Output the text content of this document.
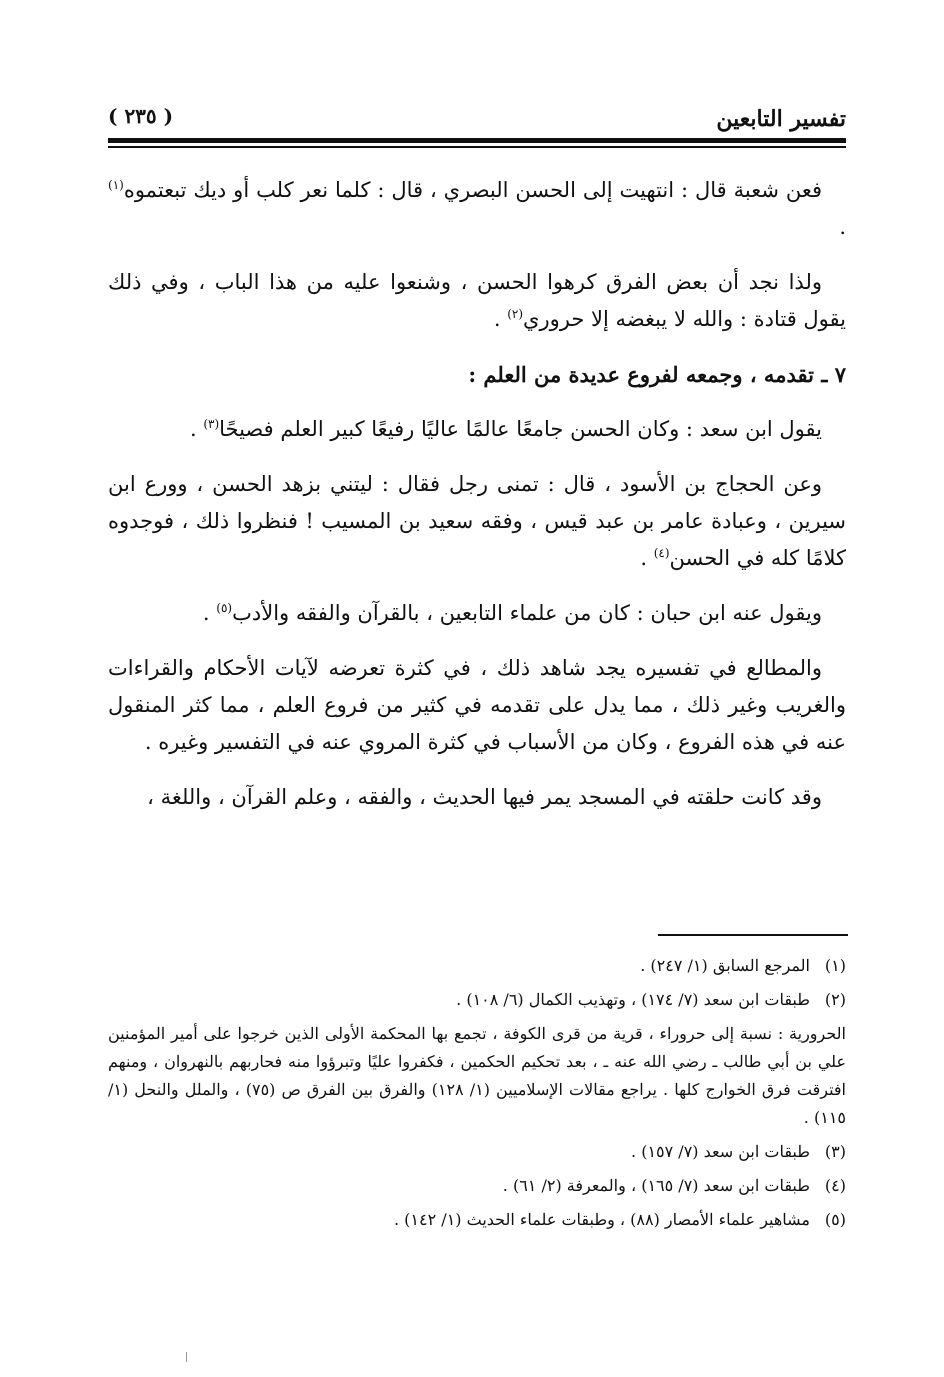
تفسير التابعين
( ٢٣٥ )

فعن شعبة قال : انتهيت إلى الحسن البصري ، قال : كلما نعر كلب أو ديك تبعتموه$^{(١)}$ .

ولذا نجد أن بعض الفرق كرهوا الحسن ، وشنعوا عليه من هذا الباب ، وفي ذلك يقول قتادة : والله لا يبغضه إلا حروري$^{(٢)}$ .

٧ ـ تقدمه ، وجمعه لفروع عديدة من العلم :

يقول ابن سعد : وكان الحسن جامعًا عالمًا عاليًا رفيعًا كبير العلم فصيحًا$^{(٣)}$ .

وعن الحجاج بن الأسود ، قال : تمنى رجل فقال : ليتني بزهد الحسن ، وورع ابن سيرين ، وعبادة عامر بن عبد قيس ، وفقه سعيد بن المسيب ! فنظروا ذلك ، فوجدوه كلامًا كله في الحسن$^{(٤)}$ .

ويقول عنه ابن حبان : كان من علماء التابعين ، بالقرآن والفقه والأدب$^{(٥)}$ .

والمطالع في تفسيره يجد شاهد ذلك ، في كثرة تعرضه لآيات الأحكام والقراءات والغريب وغير ذلك ، مما يدل على تقدمه في كثير من فروع العلم ، مما كثر المنقول عنه في هذه الفروع ، وكان من الأسباب في كثرة المروي عنه في التفسير وغيره .

وقد كانت حلقته في المسجد يمر فيها الحديث ، والفقه ، وعلم القرآن ، واللغة ،

(١)
المرجع السابق (١/ ٢٤٧) .
(٢)
طبقات ابن سعد (٧/ ١٧٤) ، وتهذيب الكمال (٦/ ١٠٨) .
الحرورية : نسبة إلى حروراء ، قرية من قرى الكوفة ، تجمع بها المحكمة الأولى الذين خرجوا على أمير المؤمنين علي بن أبي طالب ـ رضي الله عنه ـ ، بعد تحكيم الحكمين ، فكفروا عليًا وتبرؤوا منه فحاربهم بالنهروان ، ومنهم افترقت فرق الخوارج كلها . يراجع مقالات الإسلاميين (١/ ١٢٨) والفرق بين الفرق ص (٧٥) ، والملل والنحل (١/ ١١٥) .
(٣)
طبقات ابن سعد (٧/ ١٥٧) .
(٤)
طبقات ابن سعد (٧/ ١٦٥) ، والمعرفة (٢/ ٦١) .
(٥)
مشاهير علماء الأمصار (٨٨) ، وطبقات علماء الحديث (١/ ١٤٢) .
